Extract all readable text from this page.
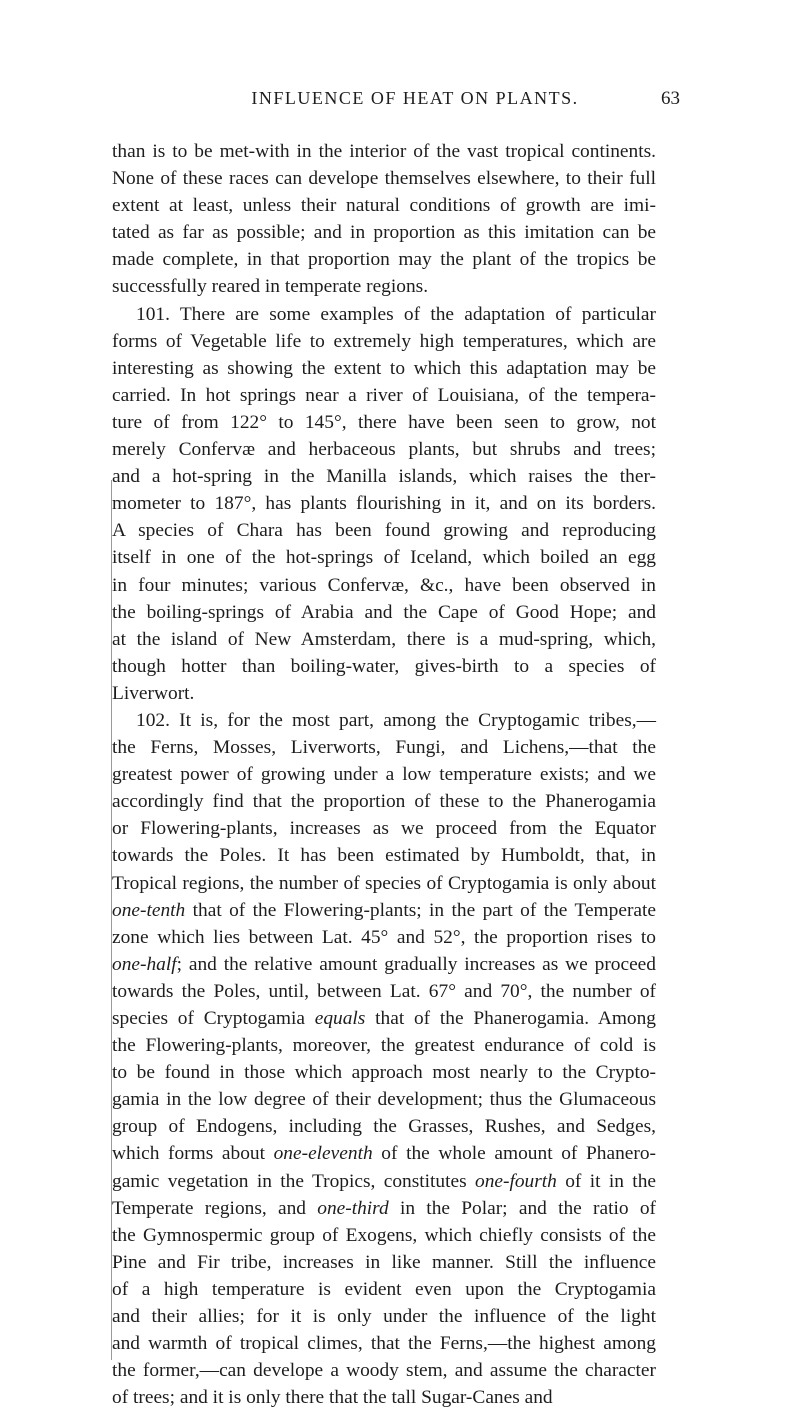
INFLUENCE OF HEAT ON PLANTS.	63
than is to be met-with in the interior of the vast tropical continents.
None of these races can develope themselves elsewhere, to their full
extent at least, unless their natural conditions of growth are imi-
tated as far as possible; and in proportion as this imitation can be
made complete, in that proportion may the plant of the tropics be
successfully reared in temperate regions.
101. There are some examples of the adaptation of particular
forms of Vegetable life to extremely high temperatures, which are
interesting as showing the extent to which this adaptation may be
carried. In hot springs near a river of Louisiana, of the tempera-
ture of from 122° to 145°, there have been seen to grow, not
merely Confervæ and herbaceous plants, but shrubs and trees;
and a hot-spring in the Manilla islands, which raises the ther-
mometer to 187°, has plants flourishing in it, and on its borders.
A species of Chara has been found growing and reproducing
itself in one of the hot-springs of Iceland, which boiled an egg
in four minutes; various Confervæ, &c., have been observed in
the boiling-springs of Arabia and the Cape of Good Hope; and
at the island of New Amsterdam, there is a mud-spring, which,
though hotter than boiling-water, gives-birth to a species of
Liverwort.
102. It is, for the most part, among the Cryptogamic tribes,—
the Ferns, Mosses, Liverworts, Fungi, and Lichens,—that the
greatest power of growing under a low temperature exists; and we
accordingly find that the proportion of these to the Phanerogamia
or Flowering-plants, increases as we proceed from the Equator
towards the Poles. It has been estimated by Humboldt, that, in
Tropical regions, the number of species of Cryptogamia is only about
one-tenth that of the Flowering-plants; in the part of the Temperate
zone which lies between Lat. 45° and 52°, the proportion rises to
one-half; and the relative amount gradually increases as we proceed
towards the Poles, until, between Lat. 67° and 70°, the number of
species of Cryptogamia equals that of the Phanerogamia. Among
the Flowering-plants, moreover, the greatest endurance of cold is
to be found in those which approach most nearly to the Crypto-
gamia in the low degree of their development; thus the Glumaceous
group of Endogens, including the Grasses, Rushes, and Sedges,
which forms about one-eleventh of the whole amount of Phanero-
gamic vegetation in the Tropics, constitutes one-fourth of it in the
Temperate regions, and one-third in the Polar; and the ratio of
the Gymnospermic group of Exogens, which chiefly consists of the
Pine and Fir tribe, increases in like manner. Still the influence
of a high temperature is evident even upon the Cryptogamia
and their allies; for it is only under the influence of the light
and warmth of tropical climes, that the Ferns,—the highest among
the former,—can develope a woody stem, and assume the character
of trees; and it is only there that the tall Sugar-Canes and
